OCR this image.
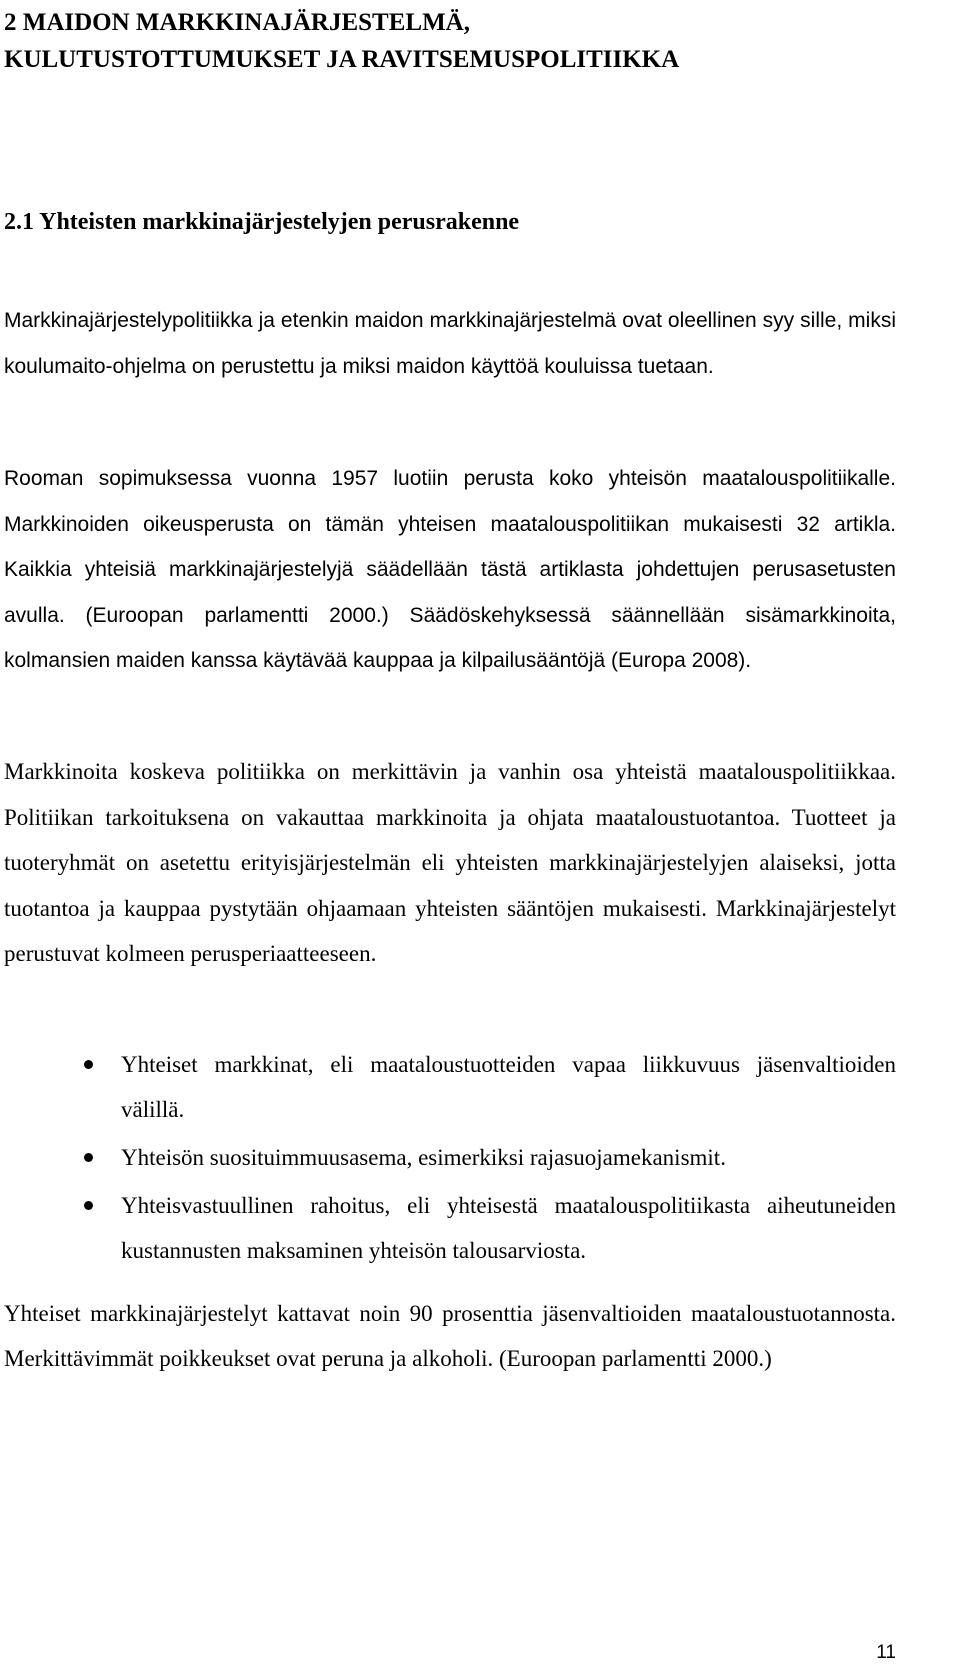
2 MAIDON MARKKINAJÄRJESTELMÄ,
KULUTUSTOTTUMUKSET JA RAVITSEMUSPOLITIIKKA
2.1 Yhteisten markkinajärjestelyjen perusrakenne

Markkinajärjestelypolitiikka ja etenkin maidon markkinajärjestelmä ovat oleellinen syy sille, miksi koulumaito-ohjelma on perustettu ja miksi maidon käyttöä kouluissa tuetaan.

Rooman sopimuksessa vuonna 1957 luotiin perusta koko yhteisön maatalouspolitiikalle. Markkinoiden oikeusperusta on tämän yhteisen maatalouspolitiikan mukaisesti 32 artikla. Kaikkia yhteisiä markkinajärjestelyjä säädellään tästä artiklasta johdettujen perusasetusten avulla. (Euroopan parlamentti 2000.) Säädöskehyksessä säännellään sisämarkkinoita, kolmansien maiden kanssa käytävää kauppaa ja kilpailusääntöjä (Europa 2008).

Markkinoita koskeva politiikka on merkittävin ja vanhin osa yhteistä maatalouspolitiikkaa. Politiikan tarkoituksena on vakauttaa markkinoita ja ohjata maataloustuotantoa. Tuotteet ja tuoteryhmät on asetettu erityisjärjestelmän eli yhteisten markkinajärjestelyjen alaiseksi, jotta tuotantoa ja kauppaa pystytään ohjaamaan yhteisten sääntöjen mukaisesti. Markkinajärjestelyt perustuvat kolmeen perusperiaatteeseen.

Yhteiset markkinat, eli maataloustuotteiden vapaa liikkuvuus jäsenvaltioiden välillä.
Yhteisön suosituimmuusasema, esimerkiksi rajasuojamekanismit.
Yhteisvastuullinen rahoitus, eli yhteisestä maatalouspolitiikasta aiheutuneiden kustannusten maksaminen yhteisön talousarviosta.

Yhteiset markkinajärjestelyt kattavat noin 90 prosenttia jäsenvaltioiden maataloustuotannosta. Merkittävimmät poikkeukset ovat peruna ja alkoholi. (Euroopan parlamentti 2000.)

11
